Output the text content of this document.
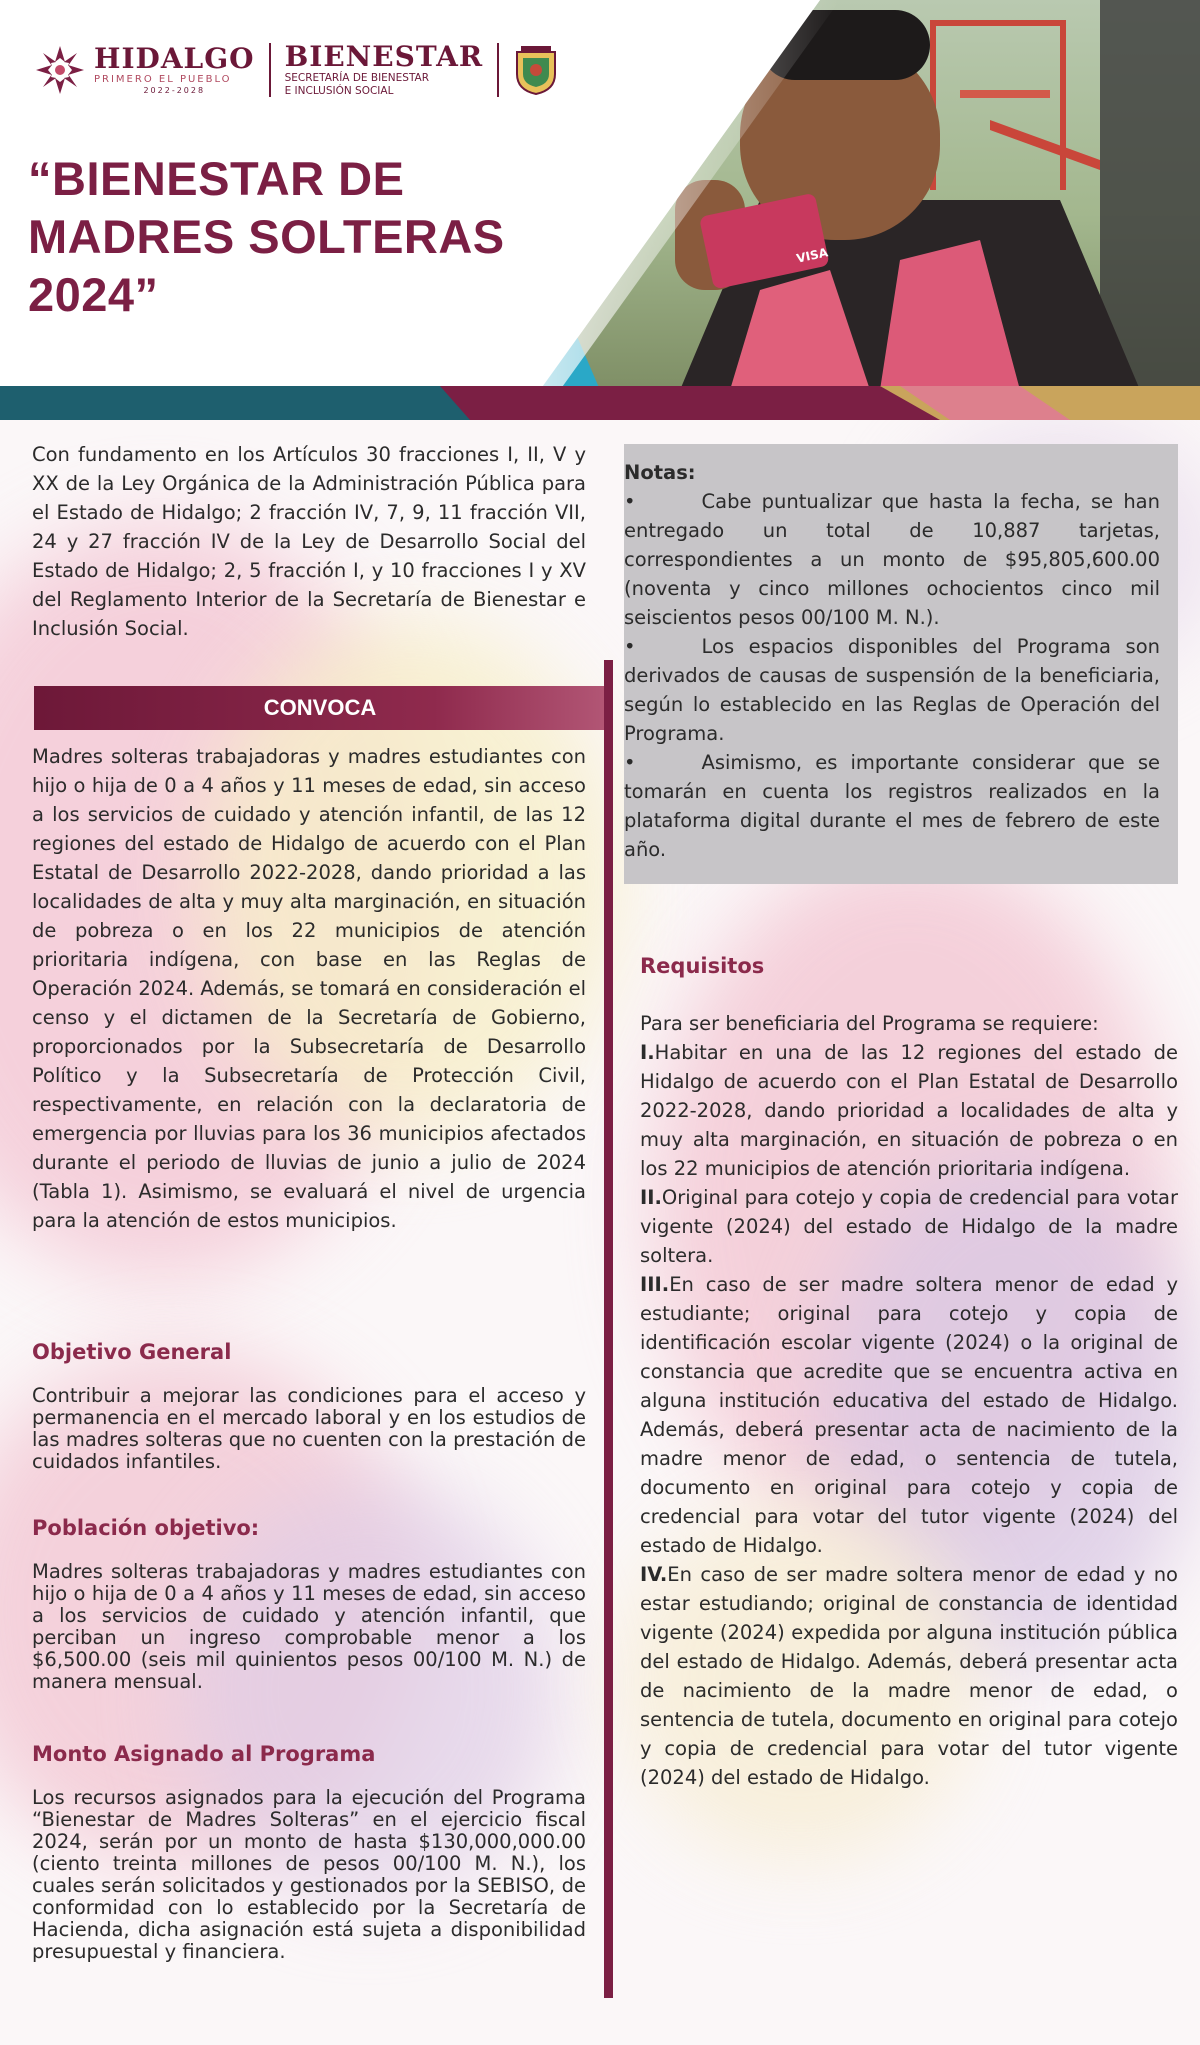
VISA
HIDALGO
PRIMERO EL PUEBLO
2022-2028
BIENESTAR
SECRETARÍA DE BIENESTAR
E INCLUSIÓN SOCIAL
“BIENESTAR DE
MADRES SOLTERAS
2024”

Con fundamento en los Artículos 30 fracciones I, II, V y XX de la Ley Orgánica de la Administración Pública para el Estado de Hidalgo; 2 fracción IV, 7, 9, 11 fracción VII, 24 y 27 fracción IV de la Ley de Desarrollo Social del Estado de Hidalgo; 2, 5 fracción I, y 10 fracciones I y XV del Reglamento Interior de la Secretaría de Bienestar e Inclusión Social.

CONVOCA

Madres solteras trabajadoras y madres estudiantes con hijo o hija de 0 a 4 años y 11 meses de edad, sin acceso a los servicios de cuidado y atención infantil, de las 12 regiones del estado de Hidalgo de acuerdo con el Plan Estatal de Desarrollo 2022-2028, dando prioridad a las localidades de alta y muy alta marginación, en situación de pobreza o en los 22 municipios de atención prioritaria indígena, con base en las Reglas de Operación 2024. Además, se tomará en consideración el censo y el dictamen de la Secretaría de Gobierno, proporcionados por la Subsecretaría de Desarrollo Político y la Subsecretaría de Protección Civil, respectivamente, en relación con la declaratoria de emergencia por lluvias para los 36 municipios afectados durante el periodo de lluvias de junio a julio de 2024 (Tabla 1). Asimismo, se evaluará el nivel de urgencia para la atención de estos municipios.

Objetivo General

Contribuir a mejorar las condiciones para el acceso y permanencia en el mercado laboral y en los estudios de las madres solteras que no cuenten con la prestación de cuidados infantiles.

Población objetivo:

Madres solteras trabajadoras y madres estudiantes con hijo o hija de 0 a 4 años y 11 meses de edad, sin acceso a los servicios de cuidado y atención infantil, que perciban un ingreso comprobable menor a los $6,500.00 (seis mil quinientos pesos 00/100 M. N.) de manera mensual.

Monto Asignado al Programa

Los recursos asignados para la ejecución del Programa “Bienestar de Madres Solteras” en el ejercicio fiscal 2024, serán por un monto de hasta $130,000,000.00 (ciento treinta millones de pesos 00/100 M. N.), los cuales serán solicitados y gestionados por la SEBISO, de conformidad con lo establecido por la Secretaría de Hacienda, dicha asignación está sujeta a disponibilidad presupuestal y financiera.

Notas:

•	Cabe puntualizar que hasta la fecha, se han entregado un total de 10,887 tarjetas, correspondientes a un monto de $95,805,600.00 (noventa y cinco millones ochocientos cinco mil seiscientos pesos 00/100 M. N.).

•	Los espacios disponibles del Programa son derivados de causas de suspensión de la beneficiaria, según lo establecido en las Reglas de Operación del Programa.

•	Asimismo, es importante considerar que se tomarán en cuenta los registros realizados en la plataforma digital durante el mes de febrero de este año.

Requisitos

Para ser beneficiaria del Programa se requiere:

I.Habitar en una de las 12 regiones del estado de Hidalgo de acuerdo con el Plan Estatal de Desarrollo 2022-2028, dando prioridad a localidades de alta y muy alta marginación, en situación de pobreza o en los 22 municipios de atención prioritaria indígena.

II.Original para cotejo y copia de credencial para votar vigente (2024) del estado de Hidalgo de la madre soltera.

III.En caso de ser madre soltera menor de edad y estudiante; original para cotejo y copia de identificación escolar vigente (2024) o la original de constancia que acredite que se encuentra activa en alguna institución educativa del estado de Hidalgo. Además, deberá presentar acta de nacimiento de la madre menor de edad, o sentencia de tutela, documento en original para cotejo y copia de credencial para votar del tutor vigente (2024) del estado de Hidalgo.

IV.En caso de ser madre soltera menor de edad y no estar estudiando; original de constancia de identidad vigente (2024) expedida por alguna institución pública del estado de Hidalgo. Además, deberá presentar acta de nacimiento de la madre menor de edad, o sentencia de tutela, documento en original para cotejo y copia de credencial para votar del tutor vigente (2024) del estado de Hidalgo.
